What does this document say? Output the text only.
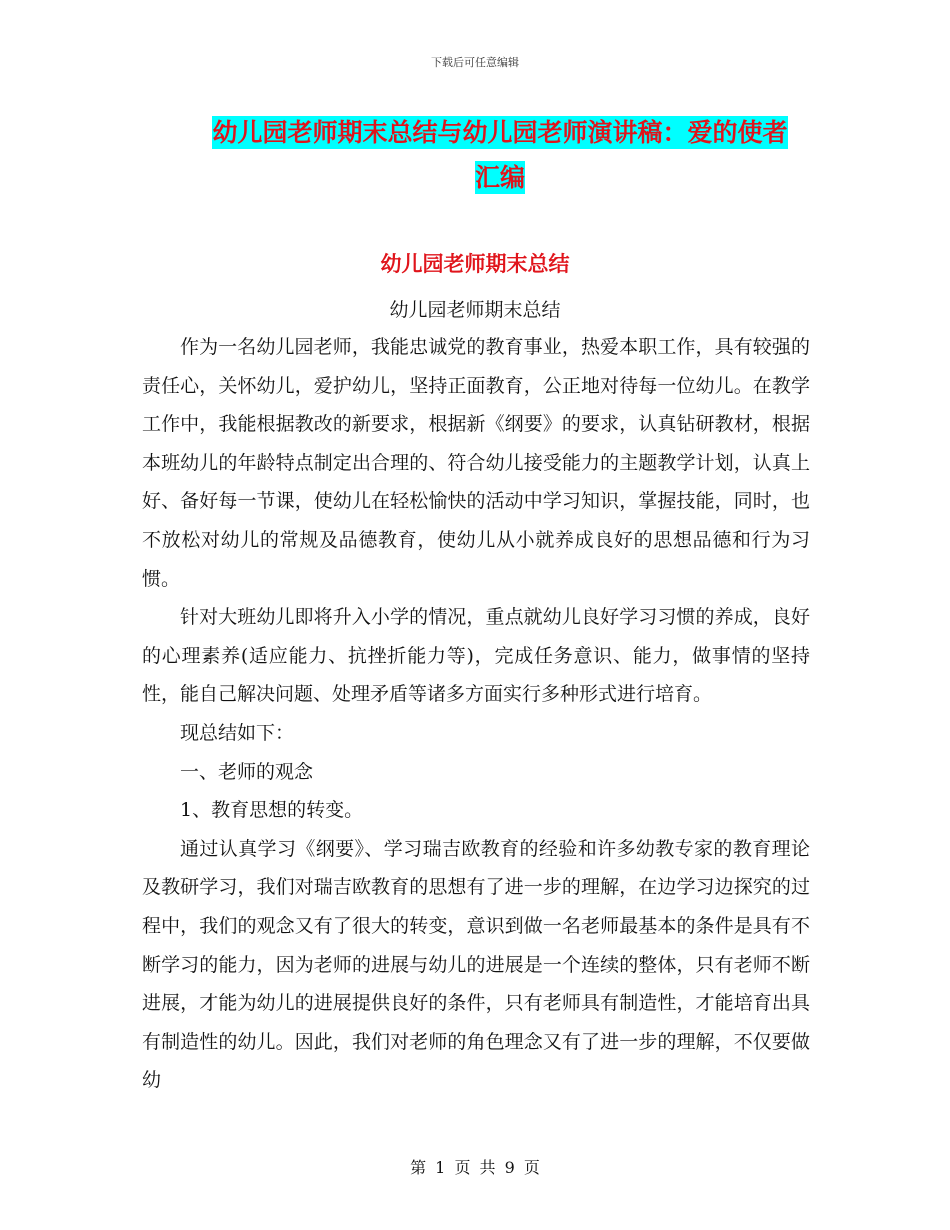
下载后可任意编辑
幼儿园老师期末总结与幼儿园老师演讲稿：爱的使者
汇编
幼儿园老师期末总结
幼儿园老师期末总结

作为一名幼儿园老师，我能忠诚党的教育事业，热爱本职工作，具有较强的责任心，关怀幼儿，爱护幼儿，坚持正面教育，公正地对待每一位幼儿。在教学工作中，我能根据教改的新要求，根据新《纲要》的要求，认真钻研教材，根据本班幼儿的年龄特点制定出合理的、符合幼儿接受能力的主题教学计划，认真上好、备好每一节课，使幼儿在轻松愉快的活动中学习知识，掌握技能，同时，也不放松对幼儿的常规及品德教育，使幼儿从小就养成良好的思想品德和行为习惯。

针对大班幼儿即将升入小学的情况，重点就幼儿良好学习习惯的养成，良好的心理素养(适应能力、抗挫折能力等)，完成任务意识、能力，做事情的坚持性，能自己解决问题、处理矛盾等诸多方面实行多种形式进行培育。

现总结如下：

一、老师的观念

1、教育思想的转变。

通过认真学习《纲要》、学习瑞吉欧教育的经验和许多幼教专家的教育理论及教研学习，我们对瑞吉欧教育的思想有了进一步的理解，在边学习边探究的过程中，我们的观念又有了很大的转变，意识到做一名老师最基本的条件是具有不断学习的能力，因为老师的进展与幼儿的进展是一个连续的整体，只有老师不断进展，才能为幼儿的进展提供良好的条件，只有老师具有制造性，才能培育出具有制造性的幼儿。因此，我们对老师的角色理念又有了进一步的理解，不仅要做幼

第 1 页 共 9 页
